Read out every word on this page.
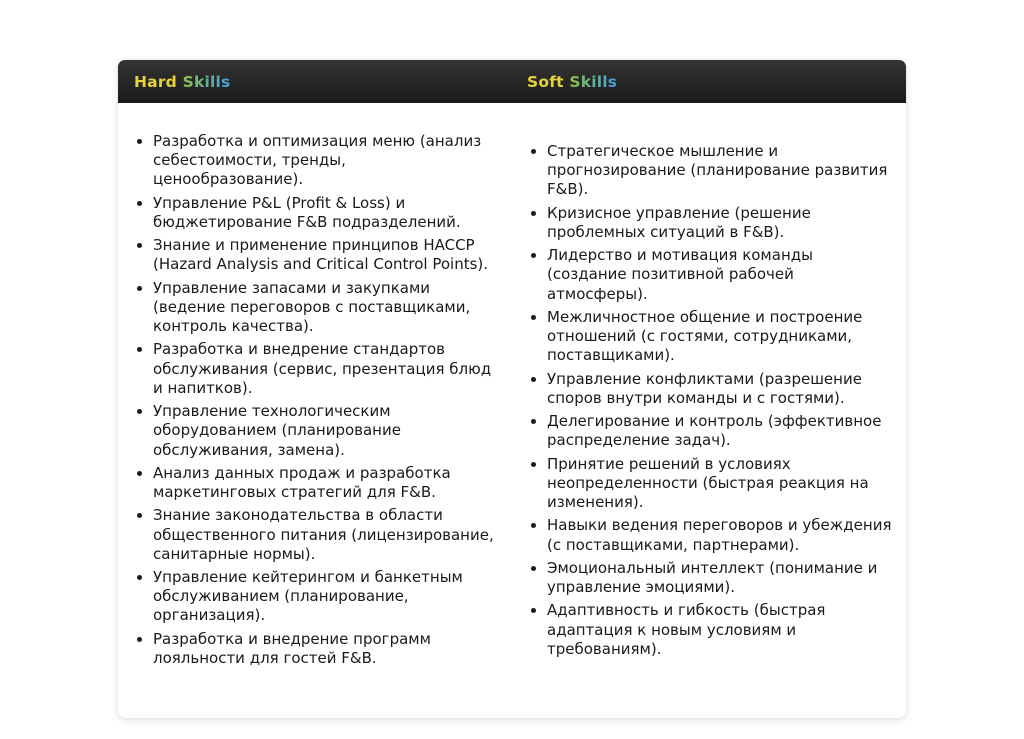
Hard Skills	Soft Skills
Разработка и оптимизация меню (анализ себестоимости, тренды, ценообразование).
Управление P&L (Profit & Loss) и бюджетирование F&B подразделений.
Знание и применение принципов HACCP (Hazard Analysis and Critical Control Points).
Управление запасами и закупками (ведение переговоров с поставщиками, контроль качества).
Разработка и внедрение стандартов обслуживания (сервис, презентация блюд и напитков).
Управление технологическим оборудованием (планирование обслуживания, замена).
Анализ данных продаж и разработка маркетинговых стратегий для F&B.
Знание законодательства в области общественного питания (лицензирование, санитарные нормы).
Управление кейтерингом и банкетным обслуживанием (планирование, организация).
Разработка и внедрение программ лояльности для гостей F&B.
Стратегическое мышление и прогнозирование (планирование развития F&B).
Кризисное управление (решение проблемных ситуаций в F&B).
Лидерство и мотивация команды (создание позитивной рабочей атмосферы).
Межличностное общение и построение отношений (с гостями, сотрудниками, поставщиками).
Управление конфликтами (разрешение споров внутри команды и с гостями).
Делегирование и контроль (эффективное распределение задач).
Принятие решений в условиях неопределенности (быстрая реакция на изменения).
Навыки ведения переговоров и убеждения (с поставщиками, партнерами).
Эмоциональный интеллект (понимание и управление эмоциями).
Адаптивность и гибкость (быстрая адаптация к новым условиям и требованиям).
